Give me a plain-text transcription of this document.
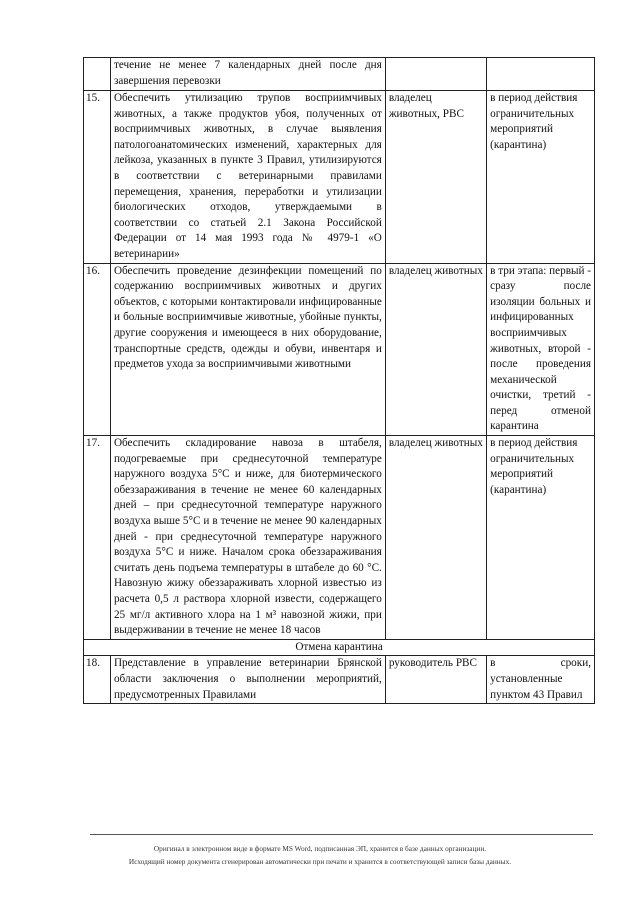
	течение не менее 7 календарных дней после дня завершения перевозки		
15.	Обеспечить утилизацию трупов восприимчивых животных, а также продуктов убоя, полученных от восприимчивых животных, в случае выявления патологоанатомических изменений, характерных для лейкоза, указанных в пункте 3 Правил, утилизируются в соответствии с ветеринарными правилами перемещения, хранения, переработки и утилизации биологических отходов, утверждаемыми в соответствии со статьей 2.1 Закона Российской Федерации от 14 мая 1993 года № 4979-1 «О ветеринарии»	владелец животных, РВС	в период действия ограничительных мероприятий (карантина)
16.	Обеспечить проведение дезинфекции помещений по содержанию восприимчивых животных и других объектов, с которыми контактировали инфицированные и больные восприимчивые животные, убойные пункты, другие сооружения и имеющееся в них оборудование, транспортные средств, одежды и обуви, инвентаря и предметов ухода за восприимчивыми животными	владелец животных	в три этапа: первый - сразу после изоляции больных и инфицированных восприимчивых животных, второй - после проведения механической очистки, третий - перед отменой карантина
17.	Обеспечить складирование навоза в штабеля, подогреваемые при среднесуточной температуре наружного воздуха 5°С и ниже, для биотермического обеззараживания в течение не менее 60 календарных дней – при среднесуточной температуре наружного воздуха выше 5°С и в течение не менее 90 календарных дней - при среднесуточной температуре наружного воздуха 5°С и ниже. Началом срока обеззараживания считать день подъема температуры в штабеле до 60 °С. Навозную жижу обеззараживать хлорной известью из расчета 0,5 л раствора хлорной извести, содержащего 25 мг/л активного хлора на 1 м³ навозной жижи, при выдерживании в течение не менее 18 часов	владелец животных	в период действия ограничительных мероприятий (карантина)
Отмена карантина			
18.	Представление в управление ветеринарии Брянской области заключения о выполнении мероприятий, предусмотренных Правилами	руководитель РВС	в сроки, установленные пунктом 43 Правил
Оригинал в электронном виде в формате MS Word, подписанная ЭП, хранится в базе данных организации.
Исходящий номер документа сгенерирован автоматически при печати и хранится в соответствующей записи базы данных.
